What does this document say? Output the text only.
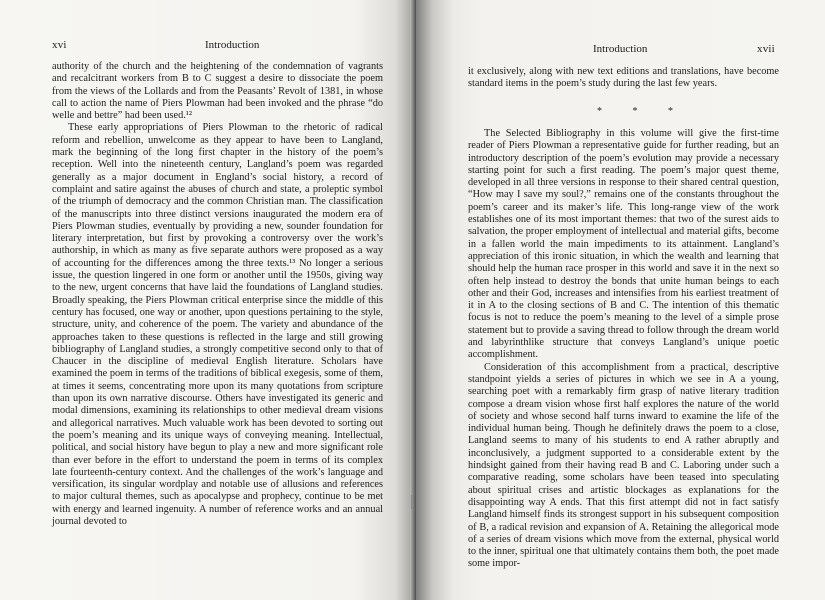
xvi	Introduction

authority of the church and the heightening of the condemnation of vagrants and recalcitrant workers from B to C suggest a desire to dissociate the poem from the views of the Lollards and from the Peasants’ Revolt of 1381, in whose call to action the name of Piers Plowman had been invoked and the phrase “do welle and bettre” had been used.¹²

These early appropriations of Piers Plowman to the rhetoric of radical reform and rebellion, unwelcome as they appear to have been to Langland, mark the beginning of the long first chapter in the history of the poem’s reception. Well into the nineteenth century, Langland’s poem was regarded generally as a major document in England’s social history, a record of complaint and satire against the abuses of church and state, a proleptic symbol of the triumph of democracy and the common Christian man. The classification of the manuscripts into three distinct versions inaugurated the modern era of Piers Plowman studies, eventually by providing a new, sounder foundation for literary interpretation, but first by provoking a controversy over the work’s authorship, in which as many as five separate authors were proposed as a way of accounting for the differences among the three texts.¹³ No longer a serious issue, the question lingered in one form or another until the 1950s, giving way to the new, urgent concerns that have laid the foundations of Langland studies. Broadly speaking, the Piers Plowman critical enterprise since the middle of this century has focused, one way or another, upon questions pertaining to the style, structure, unity, and coherence of the poem. The variety and abundance of the approaches taken to these questions is reflected in the large and still growing bibliography of Langland studies, a strongly competitive second only to that of Chaucer in the discipline of medieval English literature. Scholars have examined the poem in terms of the traditions of biblical exegesis, some of them, at times it seems, concentrating more upon its many quotations from scripture than upon its own narrative discourse. Others have investigated its generic and modal dimensions, examining its relationships to other medieval dream visions and allegorical narratives. Much valuable work has been devoted to sorting out the poem’s meaning and its unique ways of conveying meaning. Intellectual, political, and social history have begun to play a new and more significant role than ever before in the effort to understand the poem in terms of its complex late fourteenth-century context. And the challenges of the work’s language and versification, its singular wordplay and notable use of allusions and references to major cultural themes, such as apocalypse and prophecy, continue to be met with energy and learned ingenuity. A number of reference works and an annual journal devoted to

Introduction	xvii

it exclusively, along with new text editions and translations, have become standard items in the poem’s study during the last few years.

* * *

The Selected Bibliography in this volume will give the first-time reader of Piers Plowman a representative guide for further reading, but an introductory description of the poem’s evolution may provide a necessary starting point for such a first reading. The poem’s major quest theme, developed in all three versions in response to their shared central question, “How may I save my soul?,” remains one of the constants throughout the poem’s career and its maker’s life. This long-range view of the work establishes one of its most important themes: that two of the surest aids to salvation, the proper employment of intellectual and material gifts, become in a fallen world the main impediments to its attainment. Langland’s appreciation of this ironic situation, in which the wealth and learning that should help the human race prosper in this world and save it in the next so often help instead to destroy the bonds that unite human beings to each other and their God, increases and intensifies from his earliest treatment of it in A to the closing sections of B and C. The intention of this thematic focus is not to reduce the poem’s meaning to the level of a simple prose statement but to provide a saving thread to follow through the dream world and labyrinthlike structure that conveys Langland’s unique poetic accomplishment.

Consideration of this accomplishment from a practical, descriptive standpoint yields a series of pictures in which we see in A a young, searching poet with a remarkably firm grasp of native literary tradition compose a dream vision whose first half explores the nature of the world of society and whose second half turns inward to examine the life of the individual human being. Though he definitely draws the poem to a close, Langland seems to many of his students to end A rather abruptly and inconclusively, a judgment supported to a considerable extent by the hindsight gained from their having read B and C. Laboring under such a comparative reading, some scholars have been teased into speculating about spiritual crises and artistic blockages as explanations for the disappointing way A ends. That this first attempt did not in fact satisfy Langland himself finds its strongest support in his subsequent composition of B, a radical revision and expansion of A. Retaining the allegorical mode of a series of dream visions which move from the external, physical world to the inner, spiritual one that ultimately contains them both, the poet made some impor-
